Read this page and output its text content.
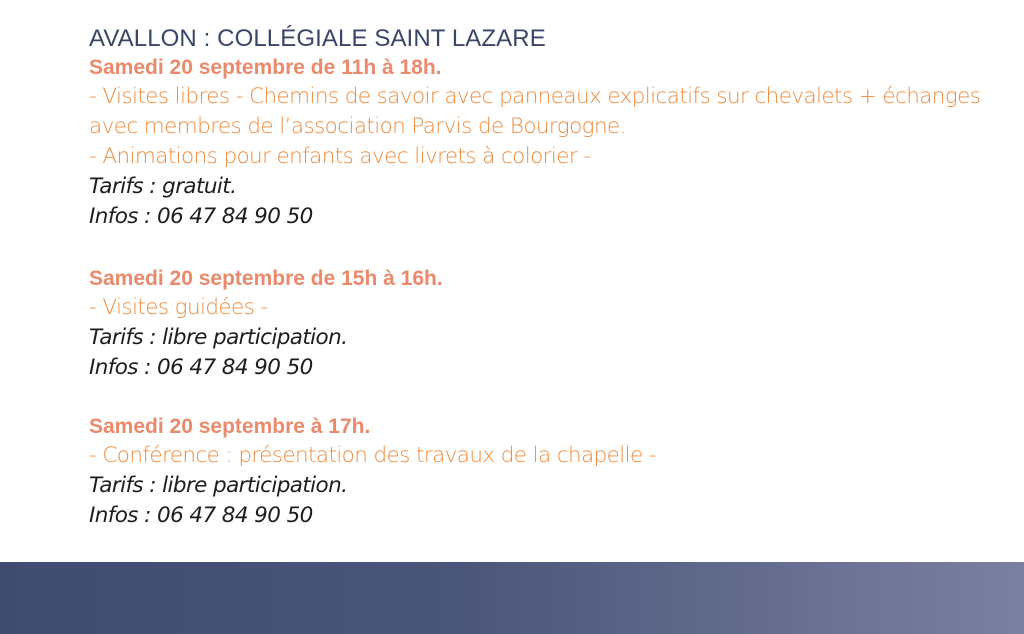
AVALLON : COLLÉGIALE SAINT LAZARE

Samedi 20 septembre de 11h à 18h.

- Visites libres - Chemins de savoir avec panneaux explicatifs sur chevalets + échanges

avec membres de l’association Parvis de Bourgogne.

- Animations pour enfants avec livrets à colorier -

Tarifs : gratuit.

Infos : 06 47 84 90 50

Samedi 20 septembre de 15h à 16h.

- Visites guidées -

Tarifs : libre participation.

Infos : 06 47 84 90 50

Samedi 20 septembre à 17h.

- Conférence : présentation des travaux de la chapelle -

Tarifs : libre participation.

Infos : 06 47 84 90 50
